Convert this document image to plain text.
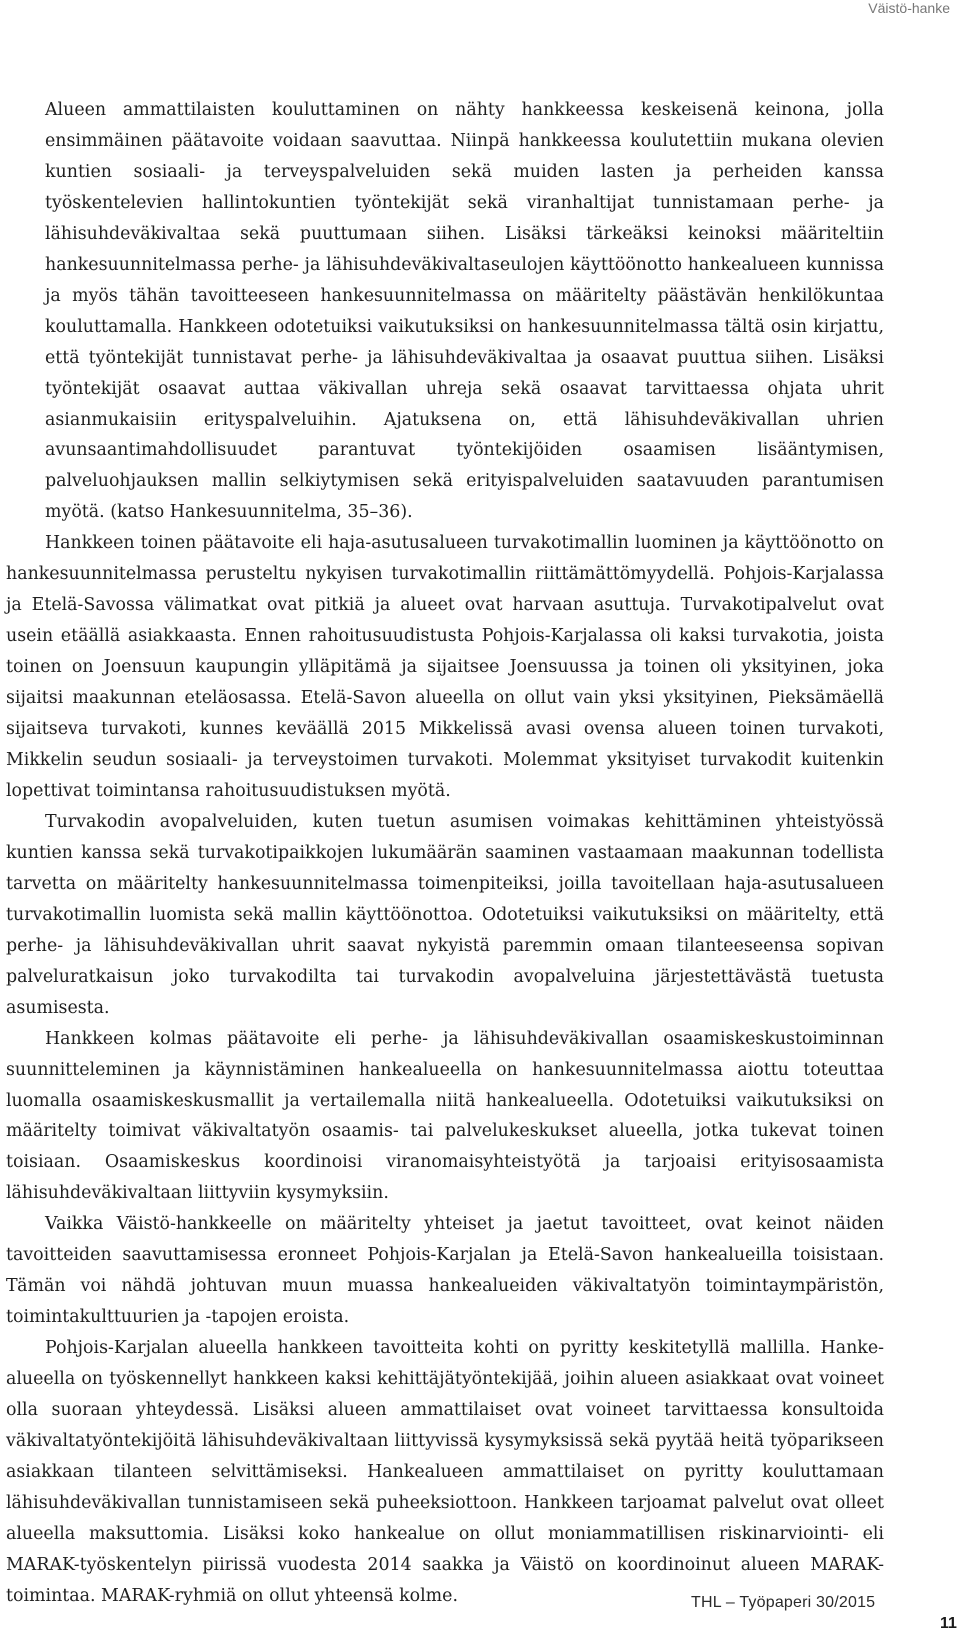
Väistö-hanke

Alueen ammattilaisten kouluttaminen on nähty hankkeessa keskeisenä keinona, jolla ensimmäinen päätavoite voidaan saavuttaa. Niinpä hankkeessa koulutettiin mukana olevien kuntien sosiaali- ja terveyspalveluiden sekä muiden lasten ja perheiden kanssa työskentelevien hallintokuntien työntekijät sekä viranhaltijat tunnistamaan perhe- ja lähisuhdeväkivaltaa sekä puuttumaan siihen. Lisäksi tärkeäksi keinoksi määriteltiin hankesuunnitelmassa perhe- ja lähisuhdeväkivaltaseulojen käyttöönotto hankealueen kunnissa ja myös tähän tavoitteeseen hankesuunnitelmassa on määritelty päästävän henkilökuntaa kouluttamalla. Hankkeen odotetuiksi vaikutuksiksi on hankesuunnitelmassa tältä osin kirjattu, että työntekijät tunnistavat perhe- ja lähisuhdeväkivaltaa ja osaavat puuttua siihen. Lisäksi työntekijät osaavat auttaa väkivallan uhreja sekä osaavat tarvittaessa ohjata uhrit asianmukaisiin erityspalveluihin. Ajatuksena on, että lähisuhdeväkivallan uhrien avunsaantimahdollisuudet parantuvat työntekijöiden osaamisen lisääntymisen, palveluohjauksen mallin selkiytymisen sekä erityispalveluiden saatavuuden parantumisen myötä. (katso Hankesuunnitelma, 35–36).

Hankkeen toinen päätavoite eli haja-asutusalueen turvakotimallin luominen ja käyttöönotto on hankesuunnitelmassa perusteltu nykyisen turvakotimallin riittämättömyydellä. Pohjois-Karjalassa ja Etelä-Savossa välimatkat ovat pitkiä ja alueet ovat harvaan asuttuja. Turvakotipalvelut ovat usein etäällä asiakkaasta. Ennen rahoitusuudistusta Pohjois-Karjalassa oli kaksi turvakotia, joista toinen on Joensuun kaupungin ylläpitämä ja sijaitsee Joensuussa ja toinen oli yksityinen, joka sijaitsi maakunnan eteläosassa. Etelä-Savon alueella on ollut vain yksi yksityinen, Pieksämäellä sijaitseva turvakoti, kunnes keväällä 2015 Mikkelissä avasi ovensa alueen toinen turvakoti, Mikkelin seudun sosiaali- ja terveystoimen turvakoti. Molemmat yksityiset turvakodit kuitenkin lopettivat toimintansa rahoitusuudistuksen myötä.

Turvakodin avopalveluiden, kuten tuetun asumisen voimakas kehittäminen yhteistyössä kuntien kanssa sekä turvakotipaikkojen lukumäärän saaminen vastaamaan maakunnan todellista tarvetta on määritelty hankesuunnitelmassa toimenpiteiksi, joilla tavoitellaan haja-asutusalueen turvakotimallin luomista sekä mallin käyttöönottoa. Odotetuiksi vaikutuksiksi on määritelty, että perhe- ja lähisuhdeväkivallan uhrit saavat nykyistä paremmin omaan tilanteeseensa sopivan palveluratkaisun joko turvakodilta tai turvakodin avopalveluina järjestettävästä tuetusta asumisesta.

Hankkeen kolmas päätavoite eli perhe- ja lähisuhdeväkivallan osaamiskeskustoiminnan suunnitteleminen ja käynnistäminen hankealueella on hankesuunnitelmassa aiottu toteuttaa luomalla osaamiskeskusmallit ja vertailemalla niitä hankealueella. Odotetuiksi vaikutuksiksi on määritelty toimivat väkivaltatyön osaamis- tai palvelukeskukset alueella, jotka tukevat toinen toisiaan. Osaamiskeskus koordinoisi viranomaisyhteistyötä ja tarjoaisi erityisosaamista lähisuhdeväkivaltaan liittyviin kysymyksiin.

Vaikka Väistö-hankkeelle on määritelty yhteiset ja jaetut tavoitteet, ovat keinot näiden tavoitteiden saavuttamisessa eronneet Pohjois-Karjalan ja Etelä-Savon hankealueilla toisistaan. Tämän voi nähdä johtuvan muun muassa hankealueiden väkivaltatyön toimintaympäristön, toimintakulttuurien ja -tapojen eroista.

Pohjois-Karjalan alueella hankkeen tavoitteita kohti on pyritty keskitetyllä mallilla. Hanke-alueella on työskennellyt hankkeen kaksi kehittäjätyöntekijää, joihin alueen asiakkaat ovat voineet olla suoraan yhteydessä. Lisäksi alueen ammattilaiset ovat voineet tarvittaessa konsultoida väkivaltatyöntekijöitä lähisuhdeväkivaltaan liittyvissä kysymyksissä sekä pyytää heitä työparikseen asiakkaan tilanteen selvittämiseksi. Hankealueen ammattilaiset on pyritty kouluttamaan lähisuhdeväkivallan tunnistamiseen sekä puheeksiottoon. Hankkeen tarjoamat palvelut ovat olleet alueella maksuttomia. Lisäksi koko hankealue on ollut moniammatillisen riskinarviointi- eli MARAK-työskentelyn piirissä vuodesta 2014 saakka ja Väistö on koordinoinut alueen MARAK-toimintaa. MARAK-ryhmiä on ollut yhteensä kolme.	THL – Työpaperi 30/2015
11
